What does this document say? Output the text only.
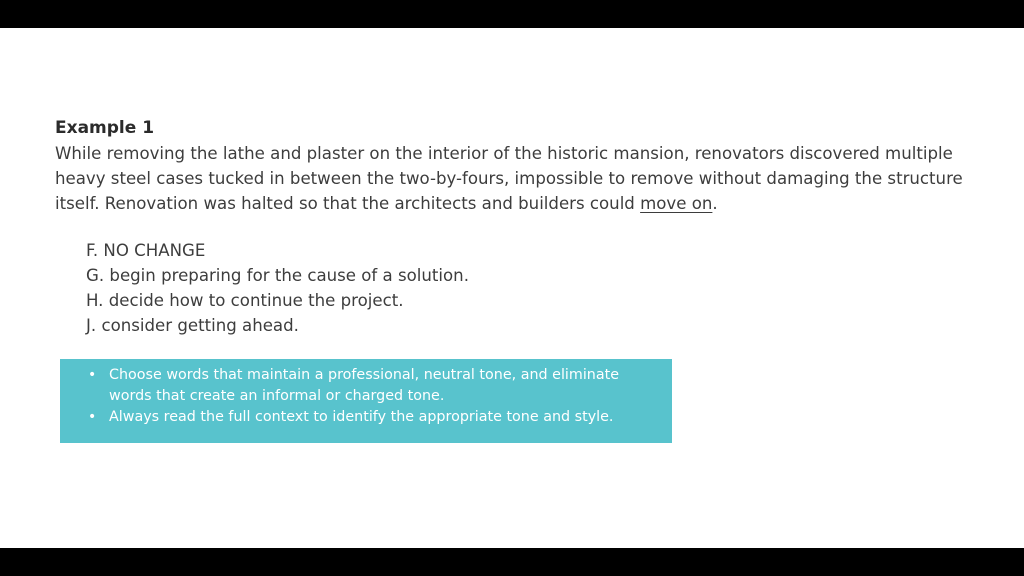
Example 1

While removing the lathe and plaster on the interior of the historic mansion, renovators discovered multiple heavy steel cases tucked in between the two-by-fours, impossible to remove without damaging the structure itself. Renovation was halted so that the architects and builders could move on.

F. NO CHANGE
G. begin preparing for the cause of a solution.
H. decide how to continue the project.
J. consider getting ahead.
• Choose words that maintain a professional, neutral tone, and eliminate words that create an informal or charged tone.
• Always read the full context to identify the appropriate tone and style.
